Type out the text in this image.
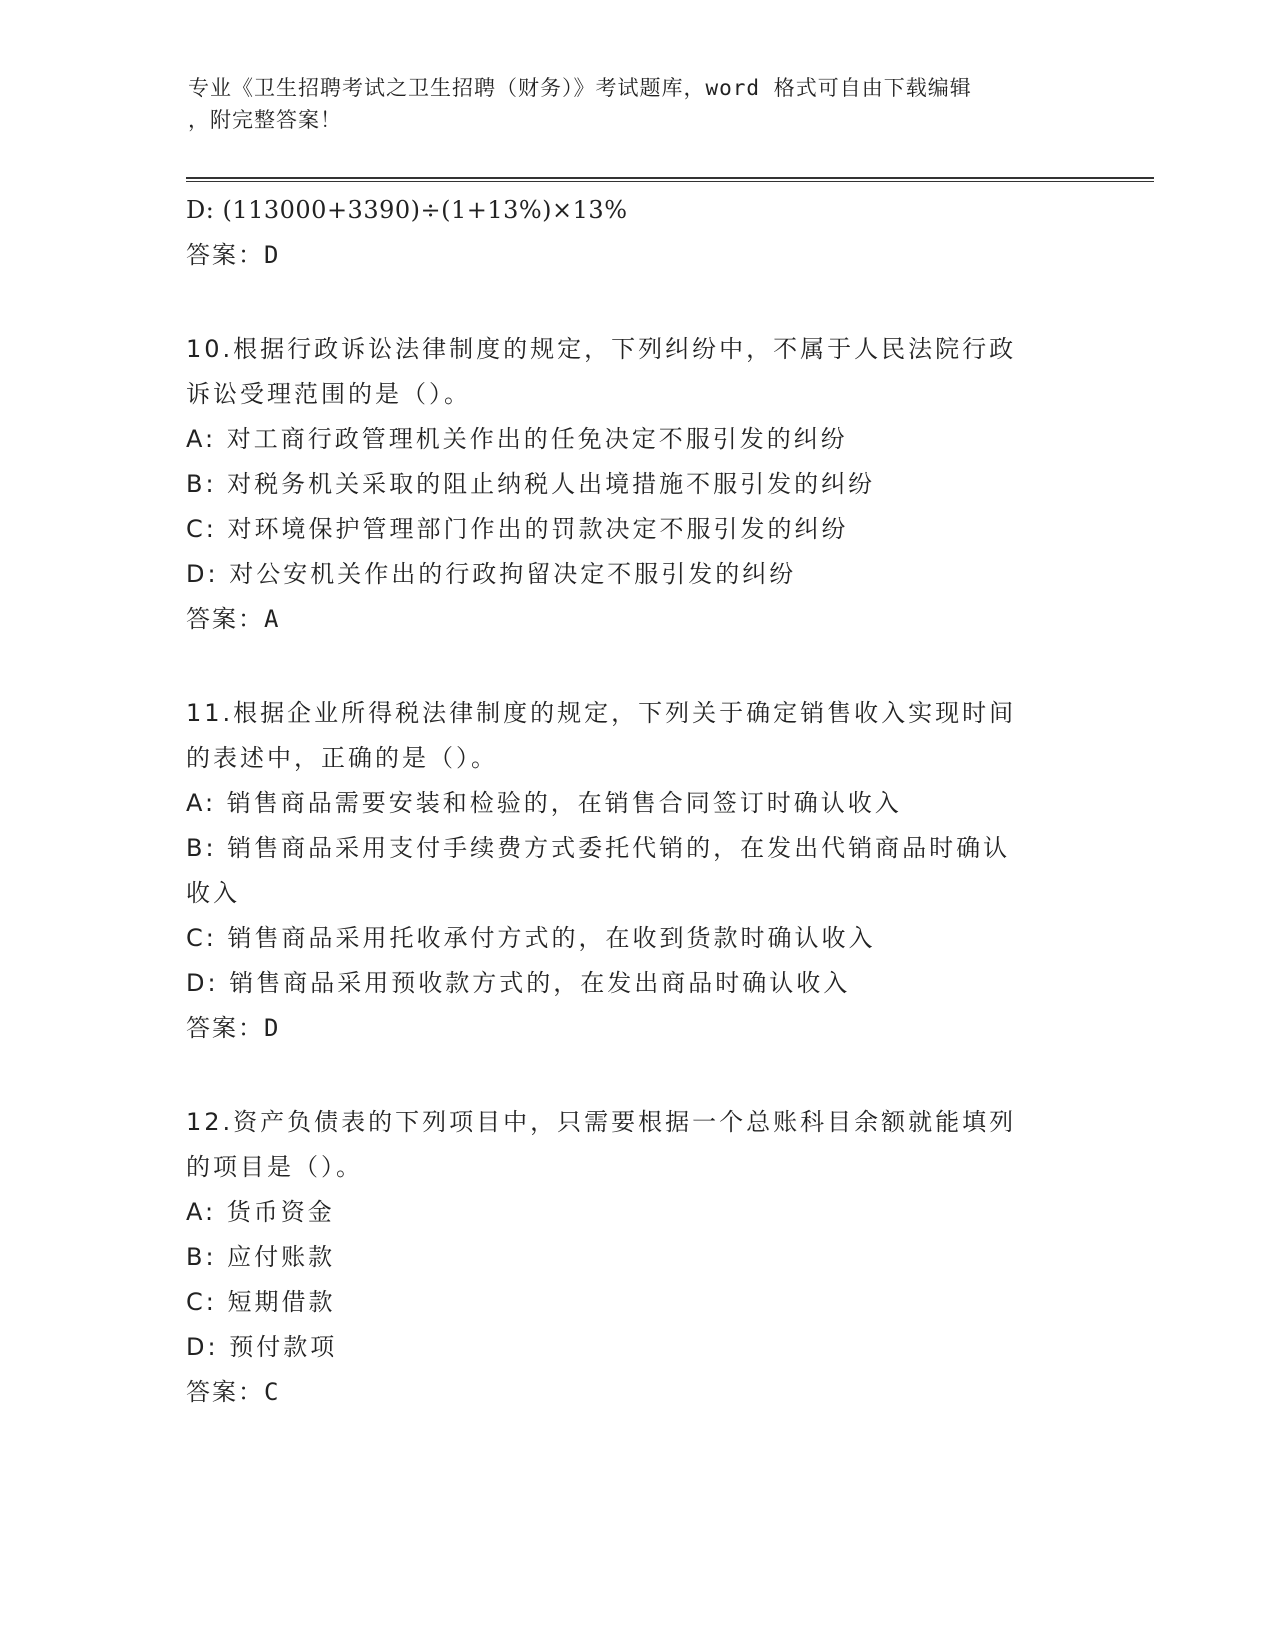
专业《卫生招聘考试之卫生招聘（财务）》考试题库，word 格式可自由下载编辑
，附完整答案！
D: (113000+3390)÷(1+13%)×13%
答案：D
10.根据行政诉讼法律制度的规定，下列纠纷中，不属于人民法院行政
诉讼受理范围的是（）。
A: 对工商行政管理机关作出的任免决定不服引发的纠纷
B: 对税务机关采取的阻止纳税人出境措施不服引发的纠纷
C: 对环境保护管理部门作出的罚款决定不服引发的纠纷
D: 对公安机关作出的行政拘留决定不服引发的纠纷
答案：A
11.根据企业所得税法律制度的规定，下列关于确定销售收入实现时间
的表述中，正确的是（）。
A: 销售商品需要安装和检验的，在销售合同签订时确认收入
B: 销售商品采用支付手续费方式委托代销的，在发出代销商品时确认
收入
C: 销售商品采用托收承付方式的，在收到货款时确认收入
D: 销售商品采用预收款方式的，在发出商品时确认收入
答案：D
12.资产负债表的下列项目中，只需要根据一个总账科目余额就能填列
的项目是（）。
A: 货币资金
B: 应付账款
C: 短期借款
D: 预付款项
答案：C
